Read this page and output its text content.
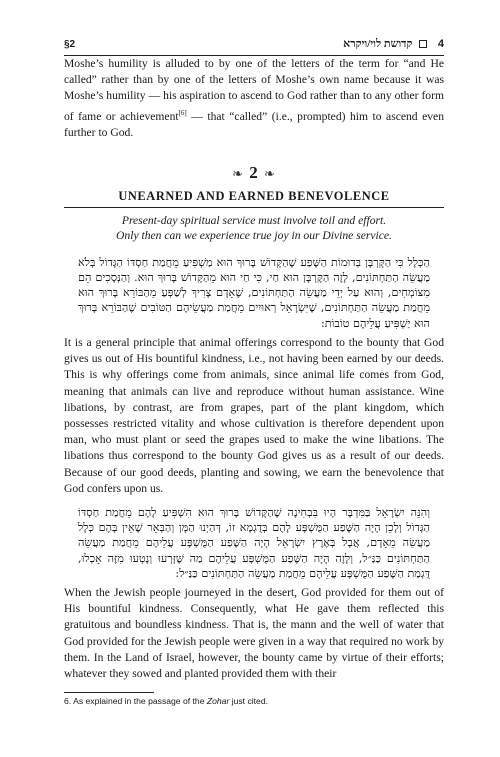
§2	4  קדושת לוי/ויקרא

Moshe’s humility is alluded to by one of the letters of the term for “and He called” rather than by one of the letters of Moshe’s own name because it was Moshe’s humility — his aspiration to ascend to God rather than to any other form of fame or achievement[6] — that “called” (i.e., prompted) him to ascend even further to God.

❧ 2 ❧
UNEARNED AND EARNED BENEVOLENCE
Present-day spiritual service must involve toil and effort.
Only then can we experience true joy in our Divine service.
הַכְּלָל כִּי הַקָּרְבָּן בְּדוּמוֹת הַשֶּׁפַע שֶׁהַקָּדוֹשׁ בָּרוּךְ הוּא מַשְׁפִּיעַ מֵחֲמַת חַסְדּוֹ הַגָּדוֹל בְּלֹא מַעֲשֵׂה הַתַּחְתּוֹנִים, לָזֶה הַקָּרְבָּן הוּא חַי, כִּי חַי הוּא מֵהַקָּדוֹשׁ בָּרוּךְ הוּא. וְהַנְּסָכִים הֵם מִצּוֹמְחִים, וְהוּא עַל יְדֵי מַעֲשֵׂה הַתַּחְתּוֹנִים, שֶׁאָדָם צָרִיךְ לְשַׁפְּעַ מֵהַבּוֹרֵא בָּרוּךְ הוּא מֵחֲמַת מַעֲשֵׂה הַתַּחְתּוֹנִים, שֶׁיִּשְׂרָאֵל רְאוּיִים מֵחֲמַת מַעֲשֵׂיהֶם הַטּוֹבִים שֶׁהַבּוֹרֵא בָּרוּךְ הוּא יַשְׁפִּיעַ עֲלֵיהֶם טוֹבוֹת:

It is a general principle that animal offerings correspond to the bounty that God gives us out of His bountiful kindness, i.e., not having been earned by our deeds. This is why offerings come from animals, since animal life comes from God, meaning that animals can live and reproduce without human assistance. Wine libations, by contrast, are from grapes, part of the plant kingdom, which possesses restricted vitality and whose cultivation is therefore dependent upon man, who must plant or seed the grapes used to make the wine libations. The libations thus correspond to the bounty God gives us as a result of our deeds. Because of our good deeds, planting and sowing, we earn the benevolence that God confers upon us.

וְהִנֵּה יִשְׂרָאֵל בַּמִּדְבָּר הָיוּ בִּבְחִינָה שֶׁהַקָּדוֹשׁ בָּרוּךְ הוּא הִשְׁפִּיעַ לָהֶם מֵחֲמַת חַסְדּוֹ הַגָּדוֹל וְלָכֵן הָיָה הַשֶּׁפַע הַמֻּשְׁפָּע לָהֶם בְּדֻגְמָא זוֹ, דְּהַיְנוּ הַמָּן וְהַבְּאֵר שֶׁאֵין בָּהֶם כְּלָל מַעֲשֵׂה מֵאָדָם, אֲבָל בְּאֶרֶץ יִשְׂרָאֵל הָיָה הַשֶּׁפַע הַמֻּשְׁפָּע עֲלֵיהֶם מֵחֲמַת מַעֲשֵׂה הַתַּחְתּוֹנִים כַּנַּ״ל, וְלָזֶה הָיָה הַשֶּׁפַע הַמֻּשְׁפָּע עֲלֵיהֶם מַה שֶּׁזָּרְעוּ וְנָטְעוּ מִזֶּה אָכְלוּ, דֻּגְמַת הַשֶּׁפַע הַמֻּשְׁפָּע עֲלֵיהֶם מֵחֲמַת מַעֲשֵׂה הַתַּחְתּוֹנִים כַּנַּ״ל:

When the Jewish people journeyed in the desert, God provided for them out of His bountiful kindness. Consequently, what He gave them reflected this gratuitous and boundless kindness. That is, the mann and the well of water that God provided for the Jewish people were given in a way that required no work by them. In the Land of Israel, however, the bounty came by virtue of their efforts; whatever they sowed and planted provided them with their

6. As explained in the passage of the Zohar just cited.
